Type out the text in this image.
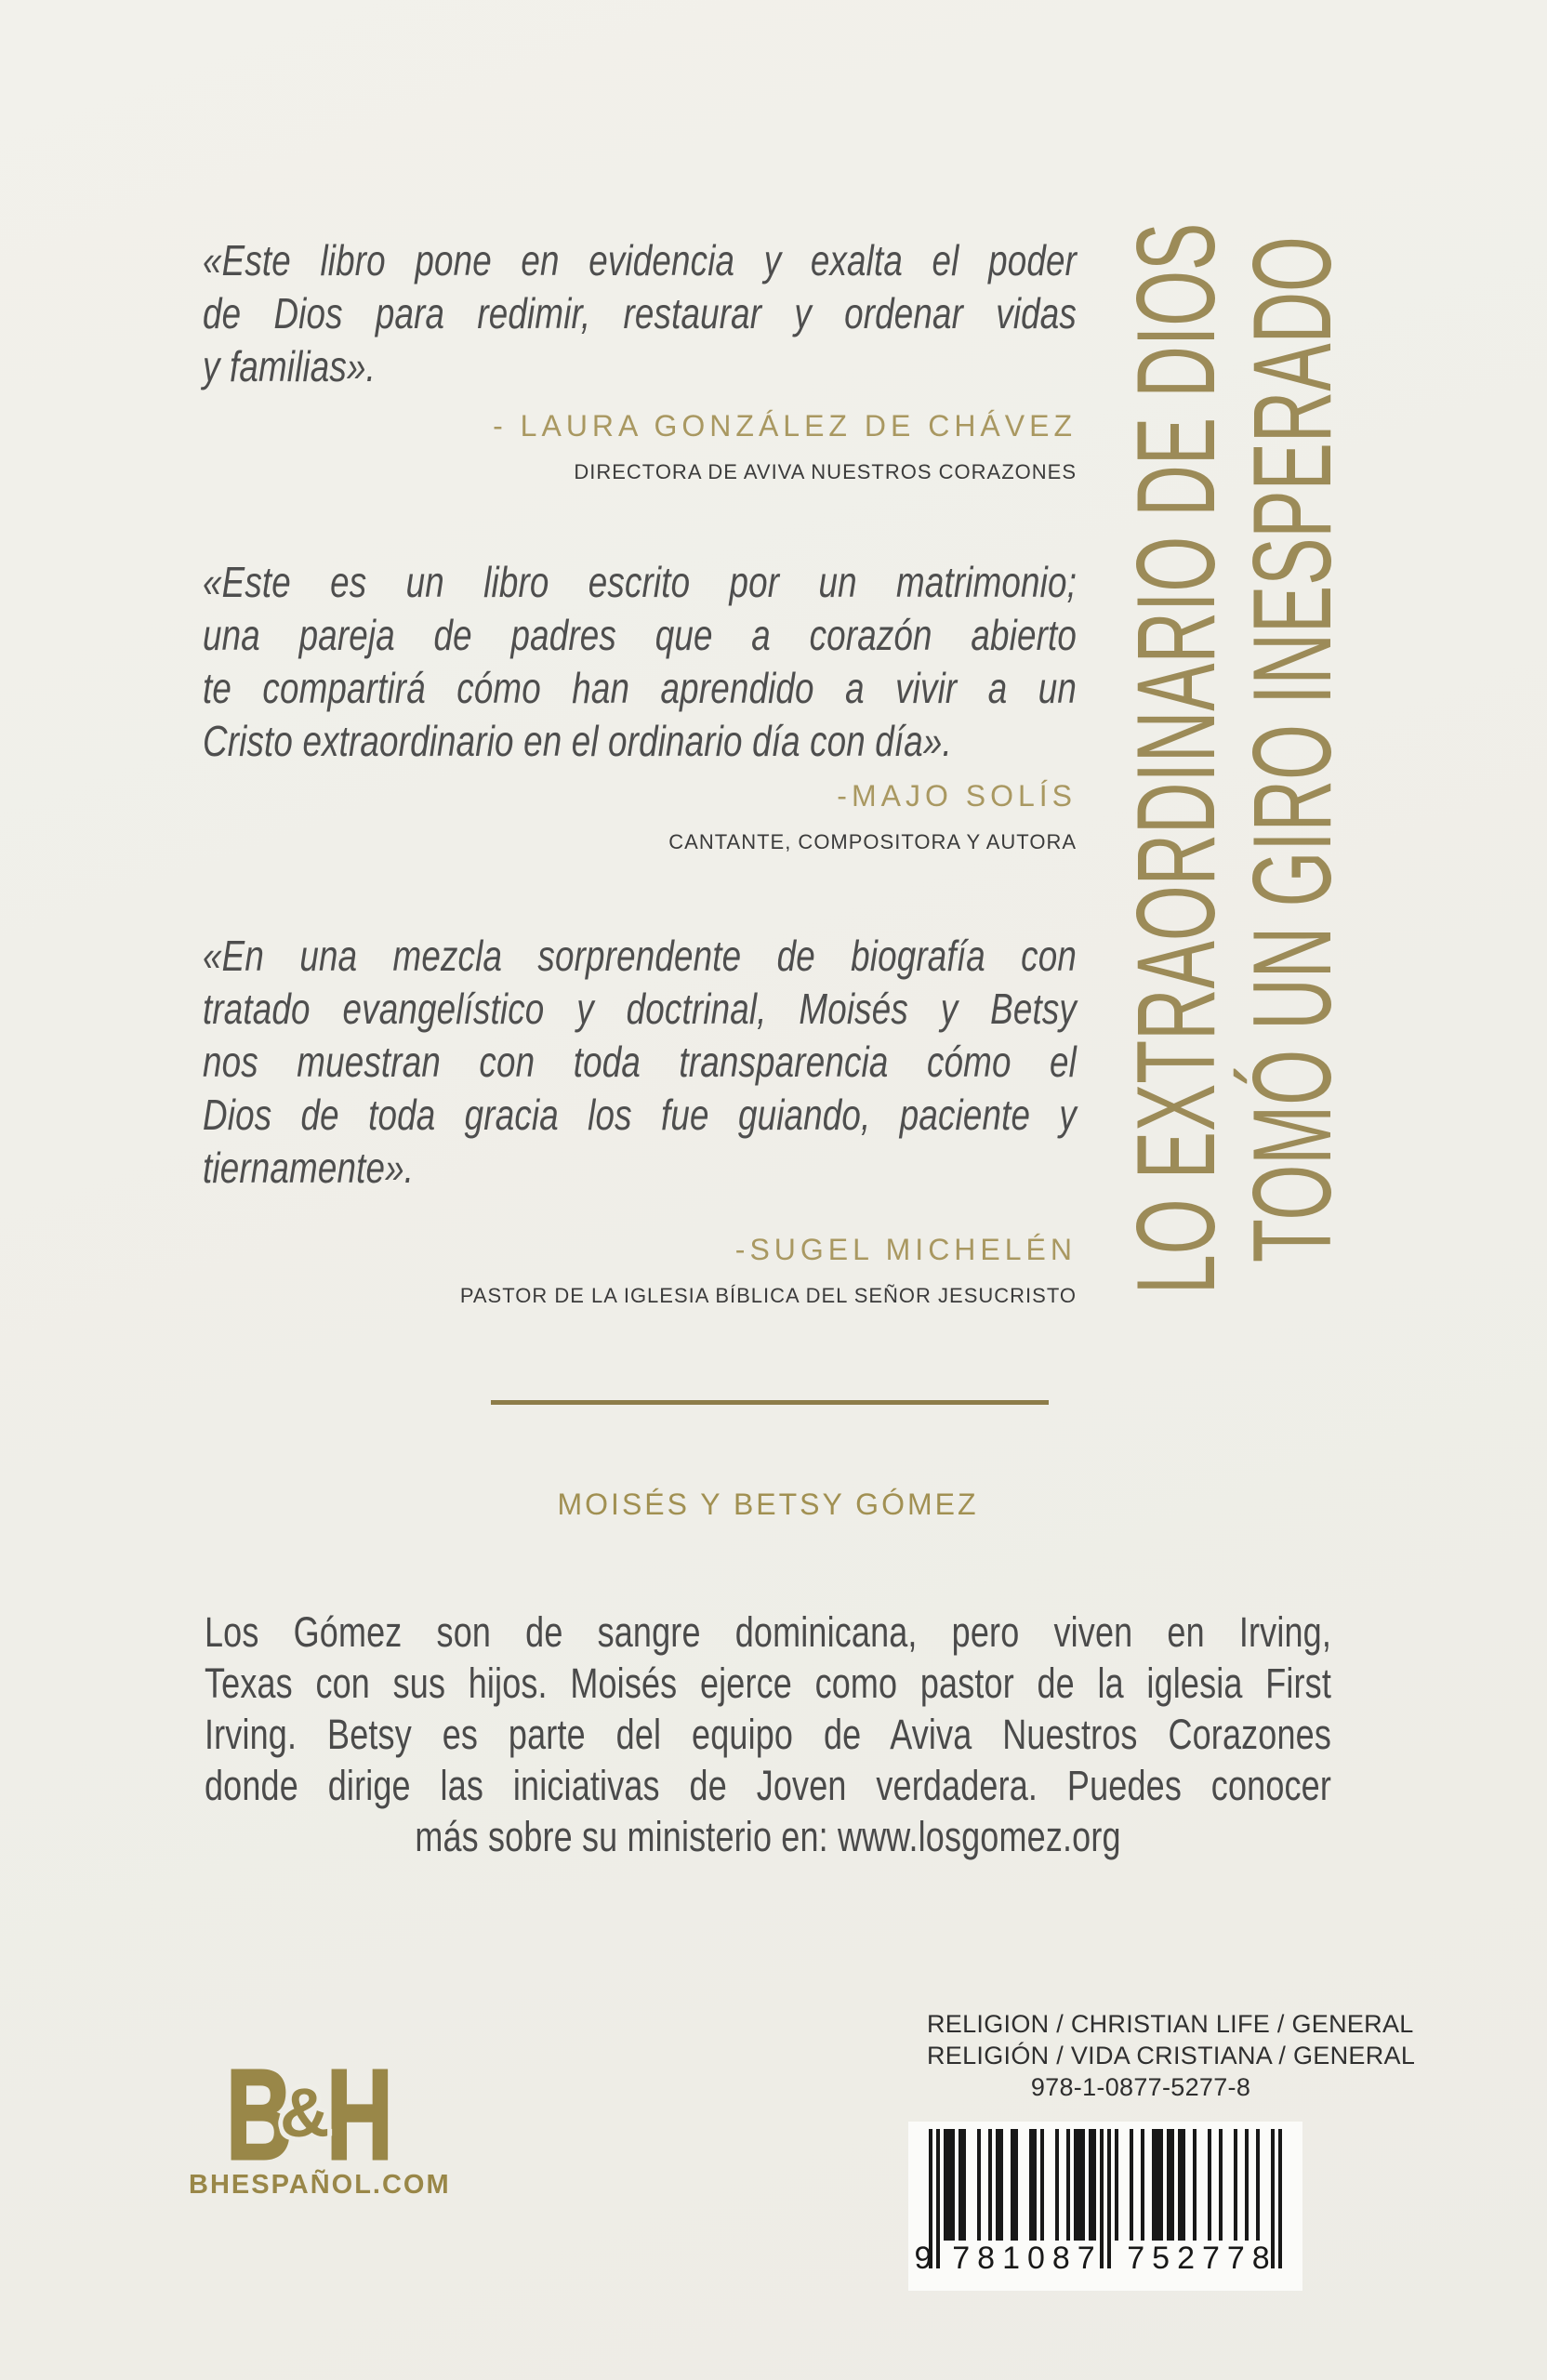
«Este libro pone en evidencia y exalta el poder
de Dios para redimir, restaurar y ordenar vidas
y familias».
- LAURA GONZÁLEZ DE CHÁVEZ
DIRECTORA DE AVIVA NUESTROS CORAZONES
«Este es un libro escrito por un matrimonio;
una pareja de padres que a corazón abierto
te compartirá cómo han aprendido a vivir a un
Cristo extraordinario en el ordinario día con día».
-MAJO SOLÍS
CANTANTE, COMPOSITORA Y AUTORA
«En una mezcla sorprendente de biografía con
tratado evangelístico y doctrinal, Moisés y Betsy
nos muestran con toda transparencia cómo el
Dios de toda gracia los fue guiando, paciente y
tiernamente».
-SUGEL MICHELÉN
PASTOR DE LA IGLESIA BÍBLICA DEL SEÑOR JESUCRISTO
LO EXTRAORDINARIO DE DIOS
TOMÓ UN GIRO INESPERADO
MOISÉS Y BETSY GÓMEZ
Los Gómez son de sangre dominicana, pero viven en Irving,
Texas con sus hijos. Moisés ejerce como pastor de la iglesia First
Irving. Betsy es parte del equipo de Aviva Nuestros Corazones
donde dirige las iniciativas de Joven verdadera. Puedes conocer
más sobre su ministerio en: www.losgomez.org
B
&
H
BHESPAÑOL.COM
RELIGION / CHRISTIAN LIFE / GENERAL
RELIGIÓN / VIDA CRISTIANA / GENERAL
978-1-0877-5277-8
9 781087 752778
